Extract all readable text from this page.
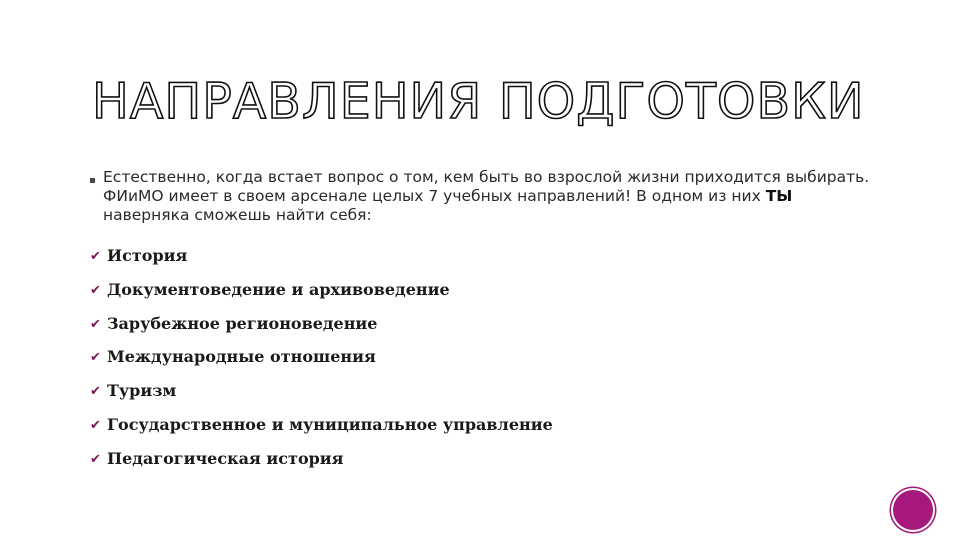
НАПРАВЛЕНИЯ ПОДГОТОВКИ
Естественно, когда встает вопрос о том, кем быть во взрослой жизни приходится выбирать. ФИиМО имеет в своем арсенале целых 7 учебных направлений! В одном из них ТЫ наверняка сможешь найти себя:
✔ История
✔ Документоведение и архивоведение
✔ Зарубежное регионоведение
✔ Международные отношения
✔ Туризм
✔ Государственное и муниципальное управление
✔ Педагогическая история
